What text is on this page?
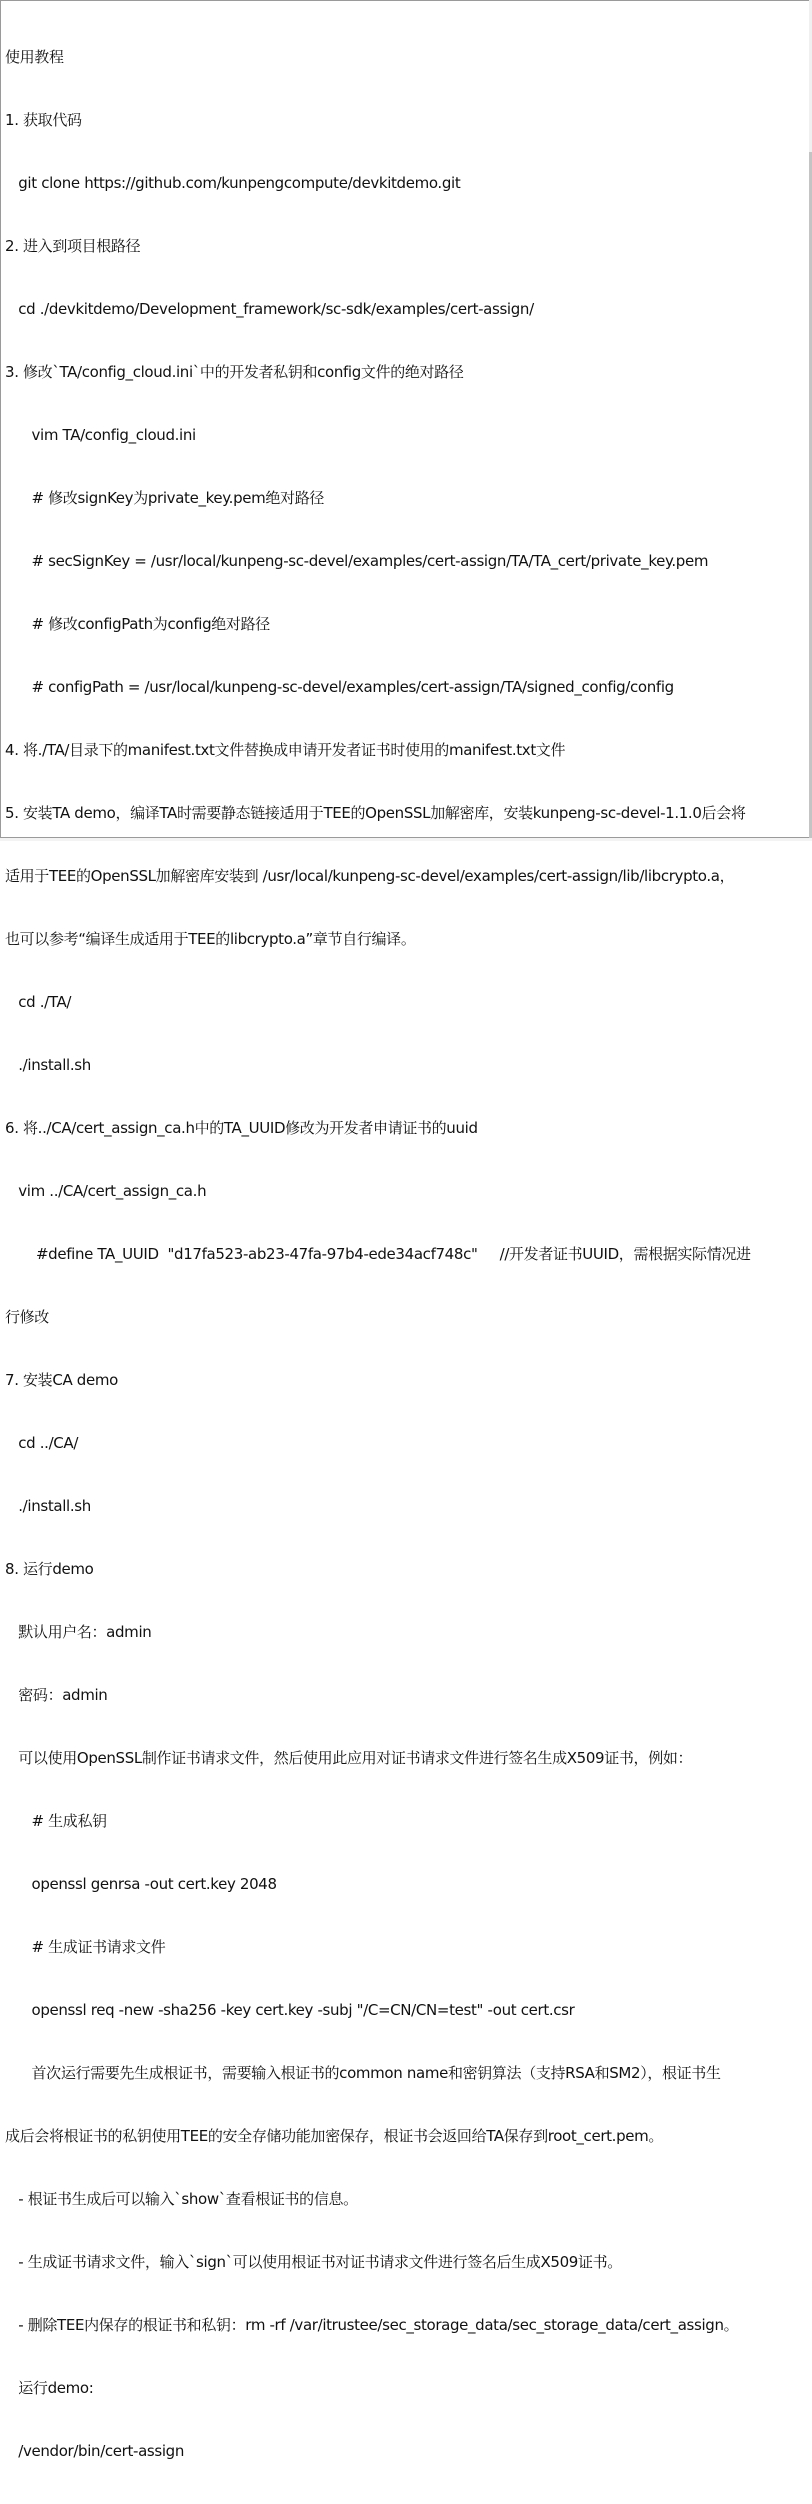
使用教程

1. 获取代码

git clone https://github.com/kunpengcompute/devkitdemo.git

2. 进入到项目根路径

cd ./devkitdemo/Development_framework/sc-sdk/examples/cert-assign/

3. 修改`TA/config_cloud.ini`中的开发者私钥和config文件的绝对路径

vim TA/config_cloud.ini

# 修改signKey为private_key.pem绝对路径

# secSignKey = /usr/local/kunpeng-sc-devel/examples/cert-assign/TA/TA_cert/private_key.pem

# 修改configPath为config绝对路径

# configPath = /usr/local/kunpeng-sc-devel/examples/cert-assign/TA/signed_config/config

4. 将./TA/目录下的manifest.txt文件替换成申请开发者证书时使用的manifest.txt文件

5. 安装TA demo，编译TA时需要静态链接适用于TEE的OpenSSL加解密库，安装kunpeng-sc-devel-1.1.0后会将

适用于TEE的OpenSSL加解密库安装到 /usr/local/kunpeng-sc-devel/examples/cert-assign/lib/libcrypto.a，

也可以参考“编译生成适用于TEE的libcrypto.a”章节自行编译。

cd ./TA/

./install.sh

6. 将../CA/cert_assign_ca.h中的TA_UUID修改为开发者申请证书的uuid

vim ../CA/cert_assign_ca.h

#define TA_UUID  "d17fa523-ab23-47fa-97b4-ede34acf748c"     //开发者证书UUID，需根据实际情况进

行修改

7. 安装CA demo

cd ../CA/

./install.sh

8. 运行demo

默认用户名：admin

密码：admin

可以使用OpenSSL制作证书请求文件，然后使用此应用对证书请求文件进行签名生成X509证书，例如：

# 生成私钥

openssl genrsa -out cert.key 2048

# 生成证书请求文件

openssl req -new -sha256 -key cert.key -subj "/C=CN/CN=test" -out cert.csr

首次运行需要先生成根证书，需要输入根证书的common name和密钥算法（支持RSA和SM2），根证书生

成后会将根证书的私钥使用TEE的安全存储功能加密保存，根证书会返回给TA保存到root_cert.pem。

- 根证书生成后可以输入`show`查看根证书的信息。

- 生成证书请求文件，输入`sign`可以使用根证书对证书请求文件进行签名后生成X509证书。

- 删除TEE内保存的根证书和私钥：rm -rf /var/itrustee/sec_storage_data/sec_storage_data/cert_assign。

运行demo:

/vendor/bin/cert-assign
